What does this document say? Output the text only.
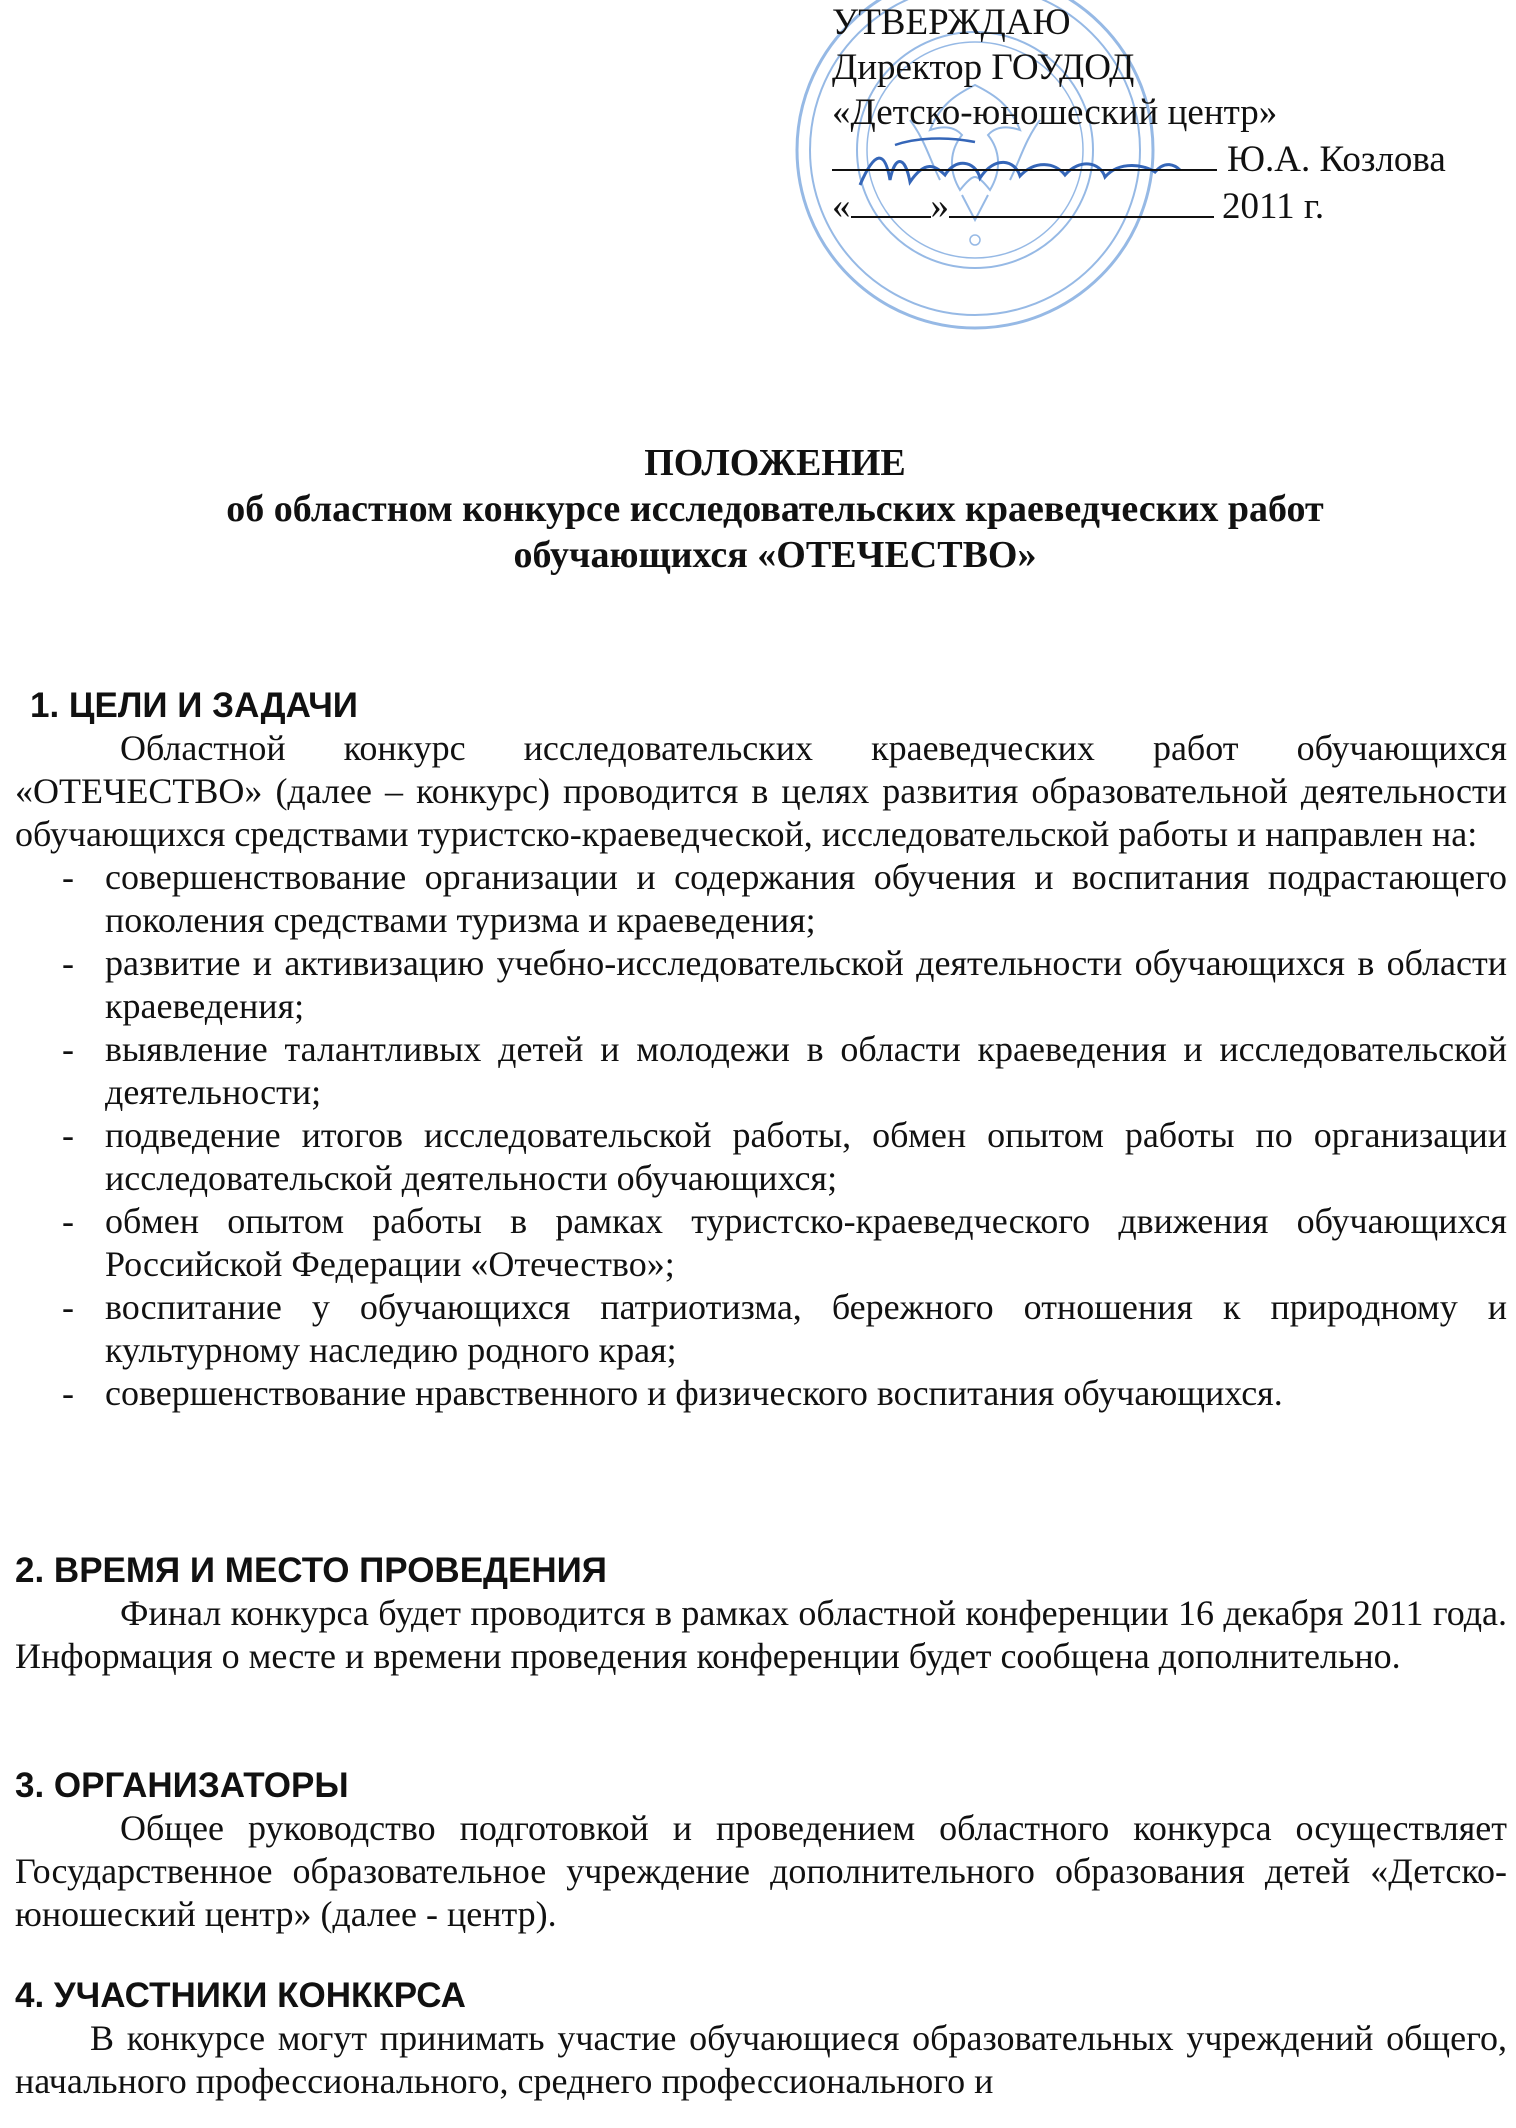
УТВЕРЖДАЮ
Директор ГОУДОД
«Детско-юношеский центр»
Ю.А. Козлова
« »	2011 г.
ПОЛОЖЕНИЕ
об областном конкурсе исследовательских краеведческих работ
обучающихся «ОТЕЧЕСТВО»
1. ЦЕЛИ И ЗАДАЧИ
Областной конкурс исследовательских краеведческих работ обучающихся «ОТЕЧЕСТВО» (далее – конкурс) проводится в целях развития образовательной деятельности обучающихся средствами туристско-краеведческой, исследовательской работы и направлен на:
- совершенствование организации и содержания обучения и воспитания подрастающего поколения средствами туризма и краеведения;
- развитие и активизацию учебно-исследовательской деятельности обучающихся в области краеведения;
- выявление талантливых детей и молодежи в области краеведения и исследовательской деятельности;
- подведение итогов исследовательской работы, обмен опытом работы по организации исследовательской деятельности обучающихся;
- обмен опытом работы в рамках туристско-краеведческого движения обучающихся Российской Федерации «Отечество»;
- воспитание у обучающихся патриотизма, бережного отношения к природному и культурному наследию родного края;
- совершенствование нравственного и физического воспитания обучающихся.
2. ВРЕМЯ И МЕСТО ПРОВЕДЕНИЯ
Финал конкурса будет проводится в рамках областной конференции 16 декабря 2011 года. Информация о месте и времени проведения конференции будет сообщена дополнительно.
3. ОРГАНИЗАТОРЫ
Общее руководство подготовкой и проведением областного конкурса осуществляет Государственное образовательное учреждение дополнительного образования детей «Детско-юношеский центр» (далее - центр).
4. УЧАСТНИКИ КОНККРСА
В конкурсе могут принимать участие обучающиеся образовательных учреждений общего, начального профессионального, среднего профессионального и
